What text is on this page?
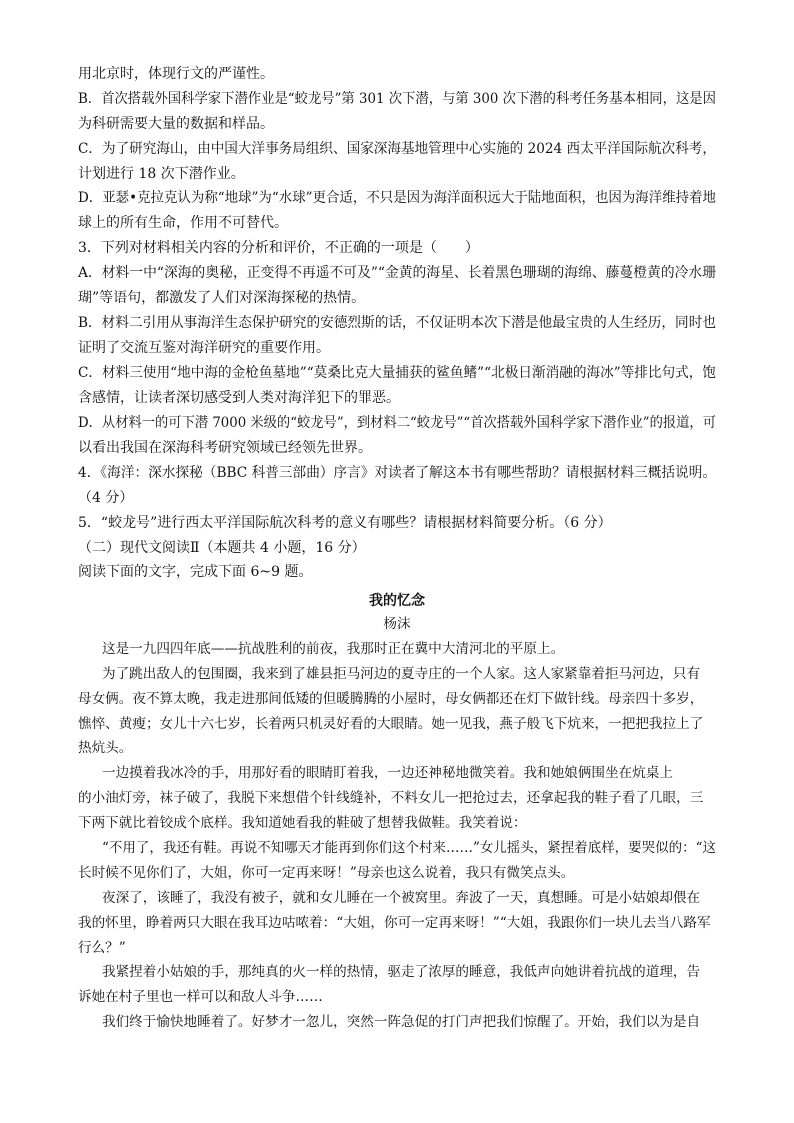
用北京时，体现行文的严谨性。

B．首次搭载外国科学家下潜作业是“蛟龙号”第 301 次下潜，与第 300 次下潜的科考任务基本相同，这是因

为科研需要大量的数据和样品。

C．为了研究海山，由中国大洋事务局组织、国家深海基地管理中心实施的 2024 西太平洋国际航次科考，

计划进行 18 次下潜作业。

D．亚瑟•克拉克认为称“地球”为“水球”更合适，不只是因为海洋面积远大于陆地面积，也因为海洋维持着地

球上的所有生命，作用不可替代。

3．下列对材料相关内容的分析和评价，不正确的一项是（　　）

A．材料一中“深海的奥秘，正变得不再遥不可及”“金黄的海星、长着黑色珊瑚的海绵、藤蔓橙黄的冷水珊

瑚”等语句，都激发了人们对深海探秘的热情。

B．材料二引用从事海洋生态保护研究的安德烈斯的话，不仅证明本次下潜是他最宝贵的人生经历，同时也

证明了交流互鉴对海洋研究的重要作用。

C．材料三使用“地中海的金枪鱼墓地”“莫桑比克大量捕获的鲨鱼鳍”“北极日渐消融的海冰”等排比句式，饱

含感情，让读者深切感受到人类对海洋犯下的罪恶。

D．从材料一的可下潜 7000 米级的“蛟龙号”，到材料二“蛟龙号”“首次搭载外国科学家下潜作业”的报道，可

以看出我国在深海科考研究领域已经领先世界。

4．《海洋：深水探秘（BBC 科普三部曲）序言》对读者了解这本书有哪些帮助？请根据材料三概括说明。

（4 分）

5．“蛟龙号”进行西太平洋国际航次科考的意义有哪些？请根据材料简要分析。（6 分）

（二）现代文阅读Ⅱ（本题共 4 小题，16 分）

阅读下面的文字，完成下面 6~9 题。

我的忆念

杨沫

这是一九四四年底——抗战胜利的前夜，我那时正在冀中大清河北的平原上。

为了跳出敌人的包围圈，我来到了雄县拒马河边的夏寺庄的一个人家。这人家紧靠着拒马河边，只有

母女俩。夜不算太晚，我走进那间低矮的但暖腾腾的小屋时，母女俩都还在灯下做针线。母亲四十多岁，

憔悴、黄瘦；女儿十六七岁，长着两只机灵好看的大眼睛。她一见我，燕子般飞下炕来，一把把我拉上了

热炕头。

一边摸着我冰冷的手，用那好看的眼睛盯着我，一边还神秘地微笑着。我和她娘俩围坐在炕桌上

的小油灯旁，袜子破了，我脱下来想借个针线缝补，不料女儿一把抢过去，还拿起我的鞋子看了几眼，三

下两下就比着铰成个底样。我知道她看我的鞋破了想替我做鞋。我笑着说：

“不用了，我还有鞋。再说不知哪天才能再到你们这个村来……”女儿摇头，紧捏着底样，要哭似的：“这

长时候不见你们了，大姐，你可一定再来呀！”母亲也这么说着，我只有微笑点头。

夜深了，该睡了，我没有被子，就和女儿睡在一个被窝里。奔波了一天，真想睡。可是小姑娘却偎在

我的怀里，睁着两只大眼在我耳边咕哝着：“大姐，你可一定再来呀！”“大姐，我跟你们一块儿去当八路军

行么？”

我紧捏着小姑娘的手，那纯真的火一样的热情，驱走了浓厚的睡意，我低声向她讲着抗战的道理，告

诉她在村子里也一样可以和敌人斗争……

我们终于愉快地睡着了。好梦才一忽儿，突然一阵急促的打门声把我们惊醒了。开始，我们以为是自
